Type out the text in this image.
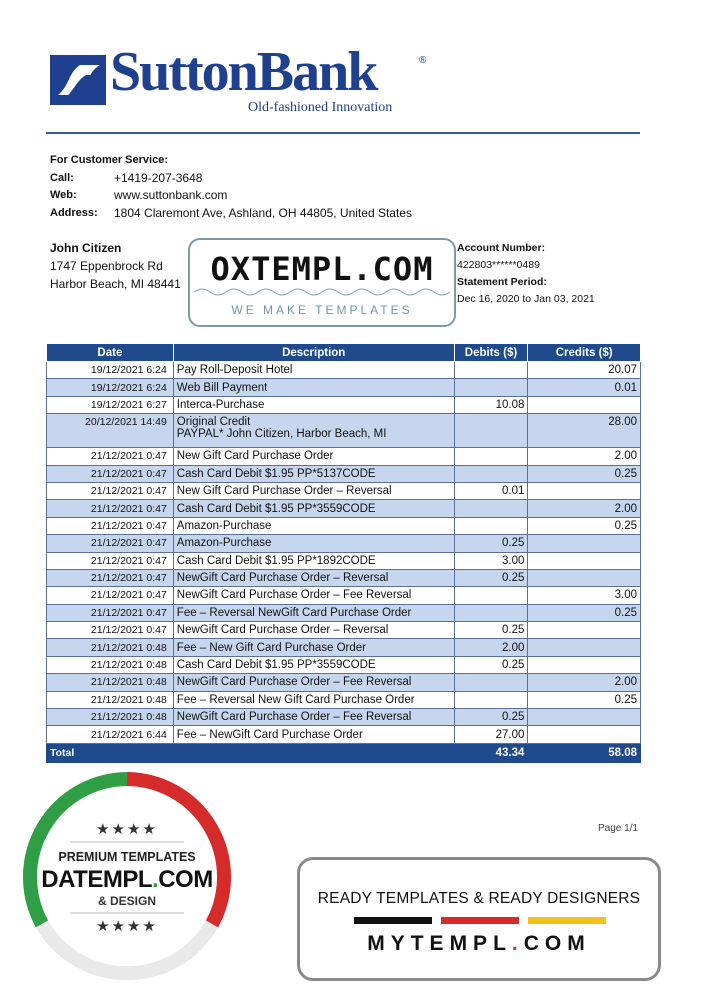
SuttonBank	®
Old-fashioned Innovation
For Customer Service:
Call:	+1419-207-3648
Web:	www.suttonbank.com
Address:	1804 Claremont Ave, Ashland, OH 44805, United States
John Citizen
1747 Eppenbrock Rd
Harbor Beach, MI 48441
Account Number:
422803******0489
Statement Period:
Dec 16, 2020 to Jan 03, 2021
OXTEMPL.COM
WE MAKE TEMPLATES
Date	Description	Debits ($)	Credits ($)
19/12/2021 6:24	Pay Roll-Deposit Hotel		20.07
19/12/2021 6:24	Web Bill Payment		0.01
19/12/2021 6:27	Interca-Purchase	10.08	
20/12/2021 14:49	Original Credit
PAYPAL* John Citizen, Harbor Beach, MI		28.00
21/12/2021 0:47	New Gift Card Purchase Order		2.00
21/12/2021 0:47	Cash Card Debit $1.95 PP*5137CODE		0.25
21/12/2021 0:47	New Gift Card Purchase Order – Reversal	0.01	
21/12/2021 0:47	Cash Card Debit $1.95 PP*3559CODE		2.00
21/12/2021 0:47	Amazon-Purchase		0.25
21/12/2021 0:47	Amazon-Purchase	0.25	
21/12/2021 0:47	Cash Card Debit $1.95 PP*1892CODE	3.00	
21/12/2021 0:47	NewGift Card Purchase Order – Reversal	0.25	
21/12/2021 0:47	NewGift Card Purchase Order – Fee Reversal		3.00
21/12/2021 0:47	Fee – Reversal NewGift Card Purchase Order		0.25
21/12/2021 0:47	NewGift Card Purchase Order – Reversal	0.25	
21/12/2021 0:48	Fee – New Gift Card Purchase Order	2.00	
21/12/2021 0:48	Cash Card Debit $1.95 PP*3559CODE	0.25	
21/12/2021 0:48	NewGift Card Purchase Order – Fee Reversal		2.00
21/12/2021 0:48	Fee – Reversal New Gift Card Purchase Order		0.25
21/12/2021 0:48	NewGift Card Purchase Order – Fee Reversal	0.25	
21/12/2021 6:44	Fee – NewGift Card Purchase Order	27.00	
Total		43.34	58.08
Page 1/1
★★★★
PREMIUM TEMPLATES
DATEMPL.COM
& DESIGN
★★★★
READY TEMPLATES & READY DESIGNERS
MYTEMPL.COM
